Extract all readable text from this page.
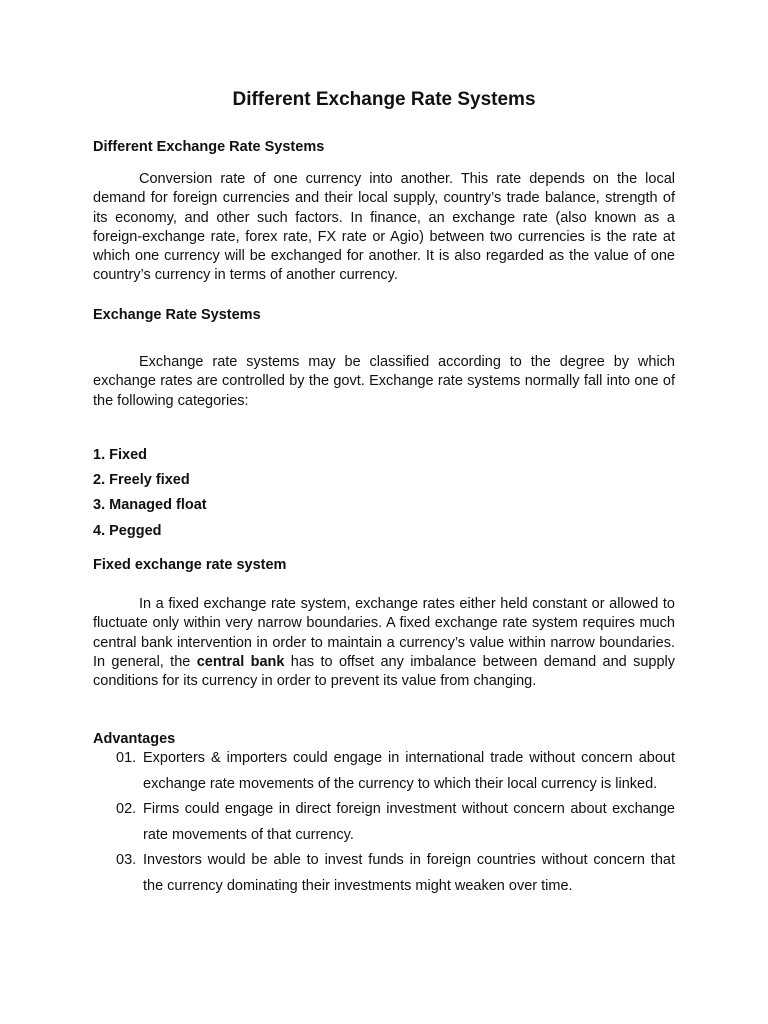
Different Exchange Rate Systems
Different Exchange Rate Systems

Conversion rate of one currency into another. This rate depends on the local demand for foreign currencies and their local supply, country’s trade balance, strength of its economy, and other such factors. In finance, an exchange rate (also known as a foreign-exchange rate, forex rate, FX rate or Agio) between two currencies is the rate at which one currency will be exchanged for another. It is also regarded as the value of one country’s currency in terms of another currency.

Exchange Rate Systems

Exchange rate systems may be classified according to the degree by which exchange rates are controlled by the govt. Exchange rate systems normally fall into one of the following categories:

1. Fixed
2. Freely fixed
3. Managed float
4. Pegged
Fixed exchange rate system

In a fixed exchange rate system, exchange rates either held constant or allowed to fluctuate only within very narrow boundaries. A fixed exchange rate system requires much central bank intervention in order to maintain a currency’s value within narrow boundaries. In general, the central bank has to offset any imbalance between demand and supply conditions for its currency in order to prevent its value from changing.

Advantages
01. Exporters & importers could engage in international trade without concern about exchange rate movements of the currency to which their local currency is linked.
02. Firms could engage in direct foreign investment without concern about exchange rate movements of that currency.
03. Investors would be able to invest funds in foreign countries without concern that the currency dominating their investments might weaken over time.
